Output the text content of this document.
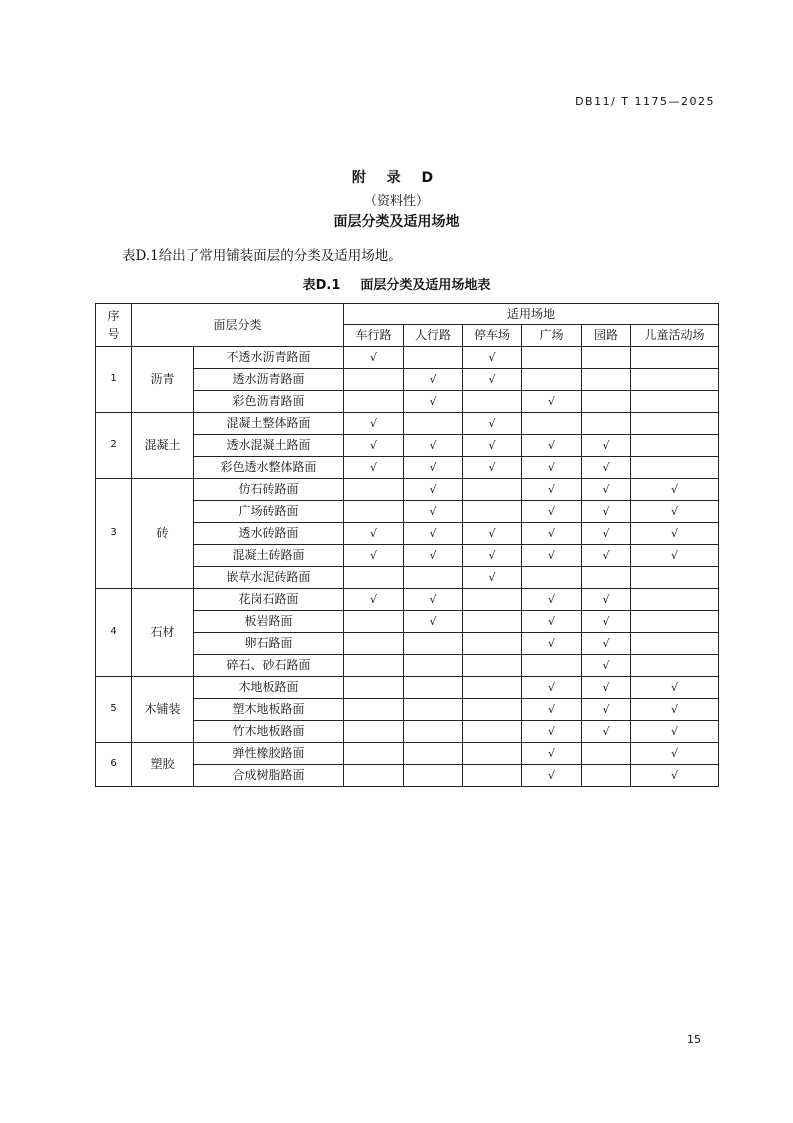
DB11/ T 1175—2025
附 录 D
（资料性）
面层分类及适用场地
表D.1给出了常用铺装面层的分类及适用场地。
表D.1 面层分类及适用场地表
序
号	面层分类		适用场地					
			车行路	人行路	停车场	广场	园路	儿童活动场
1	沥青	不透水沥青路面	√		√			
		透水沥青路面		√	√			
		彩色沥青路面		√		√		
2	混凝土	混凝土整体路面	√		√			
		透水混凝土路面	√	√	√	√	√	
		彩色透水整体路面	√	√	√	√	√	
3	砖	仿石砖路面		√		√	√	√
		广场砖路面		√		√	√	√
		透水砖路面	√	√	√	√	√	√
		混凝土砖路面	√	√	√	√	√	√
		嵌草水泥砖路面			√			
4	石材	花岗石路面	√	√		√	√	
		板岩路面		√		√	√	
		卵石路面				√	√	
		碎石、砂石路面					√	
5	木铺装	木地板路面				√	√	√
		塑木地板路面				√	√	√
		竹木地板路面				√	√	√
6	塑胶	弹性橡胶路面				√		√
		合成树脂路面				√		√
15
